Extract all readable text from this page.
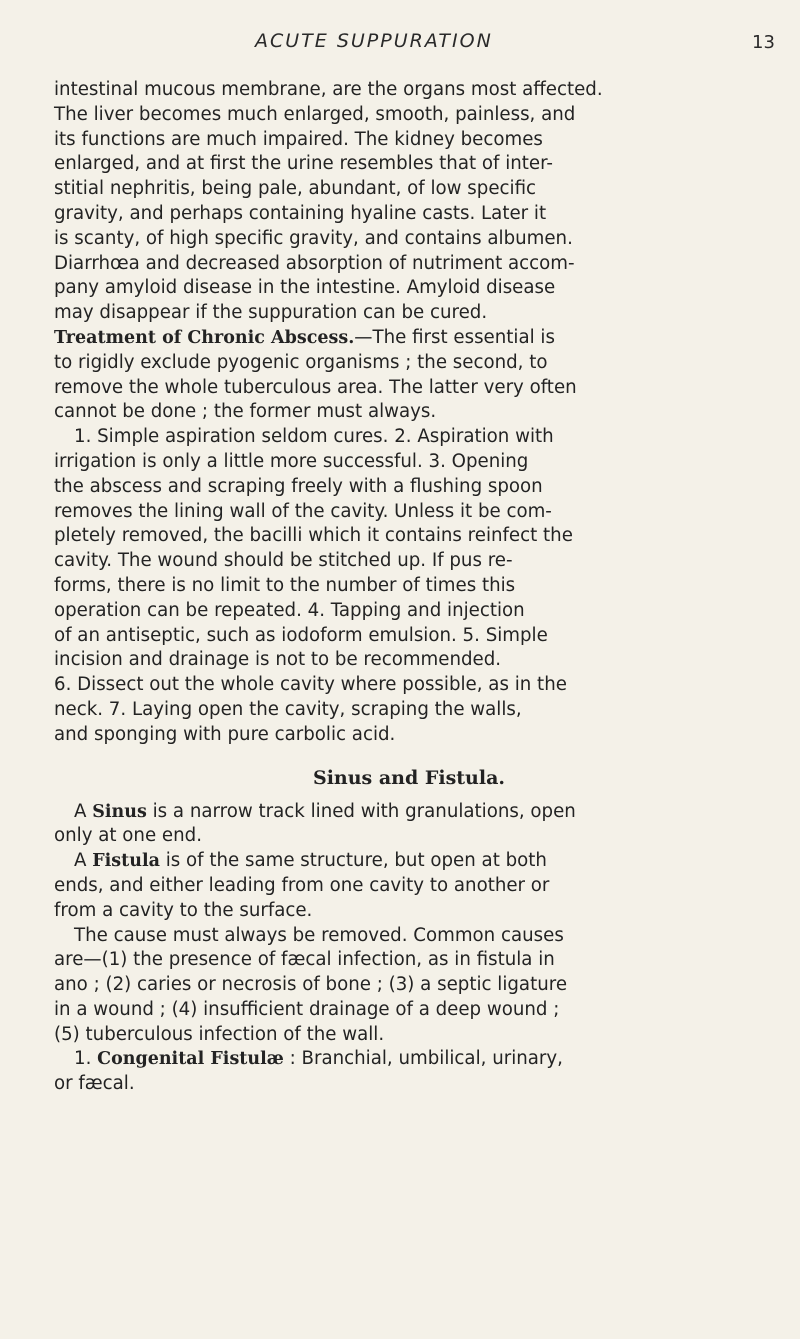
ACUTE SUPPURATION	13
intestinal mucous membrane, are the organs most affected.
The liver becomes much enlarged, smooth, painless, and
its functions are much impaired. The kidney becomes
enlarged, and at first the urine resembles that of inter-
stitial nephritis, being pale, abundant, of low specific
gravity, and perhaps containing hyaline casts. Later it
is scanty, of high specific gravity, and contains albumen.
Diarrhœa and decreased absorption of nutriment accom-
pany amyloid disease in the intestine. Amyloid disease
may disappear if the suppuration can be cured.
Treatment of Chronic Abscess.—The first essential is
to rigidly exclude pyogenic organisms ; the second, to
remove the whole tuberculous area. The latter very often
cannot be done ; the former must always.
1. Simple aspiration seldom cures. 2. Aspiration with
irrigation is only a little more successful. 3. Opening
the abscess and scraping freely with a flushing spoon
removes the lining wall of the cavity. Unless it be com-
pletely removed, the bacilli which it contains reinfect the
cavity. The wound should be stitched up. If pus re-
forms, there is no limit to the number of times this
operation can be repeated. 4. Tapping and injection
of an antiseptic, such as iodoform emulsion. 5. Simple
incision and drainage is not to be recommended.
6. Dissect out the whole cavity where possible, as in the
neck. 7. Laying open the cavity, scraping the walls,
and sponging with pure carbolic acid.
Sinus and Fistula.
A Sinus is a narrow track lined with granulations, open
only at one end.
A Fistula is of the same structure, but open at both
ends, and either leading from one cavity to another or
from a cavity to the surface.
The cause must always be removed. Common causes
are—(1) the presence of fæcal infection, as in fistula in
ano ; (2) caries or necrosis of bone ; (3) a septic ligature
in a wound ; (4) insufficient drainage of a deep wound ;
(5) tuberculous infection of the wall.
1. Congenital Fistulæ : Branchial, umbilical, urinary,
or fæcal.
